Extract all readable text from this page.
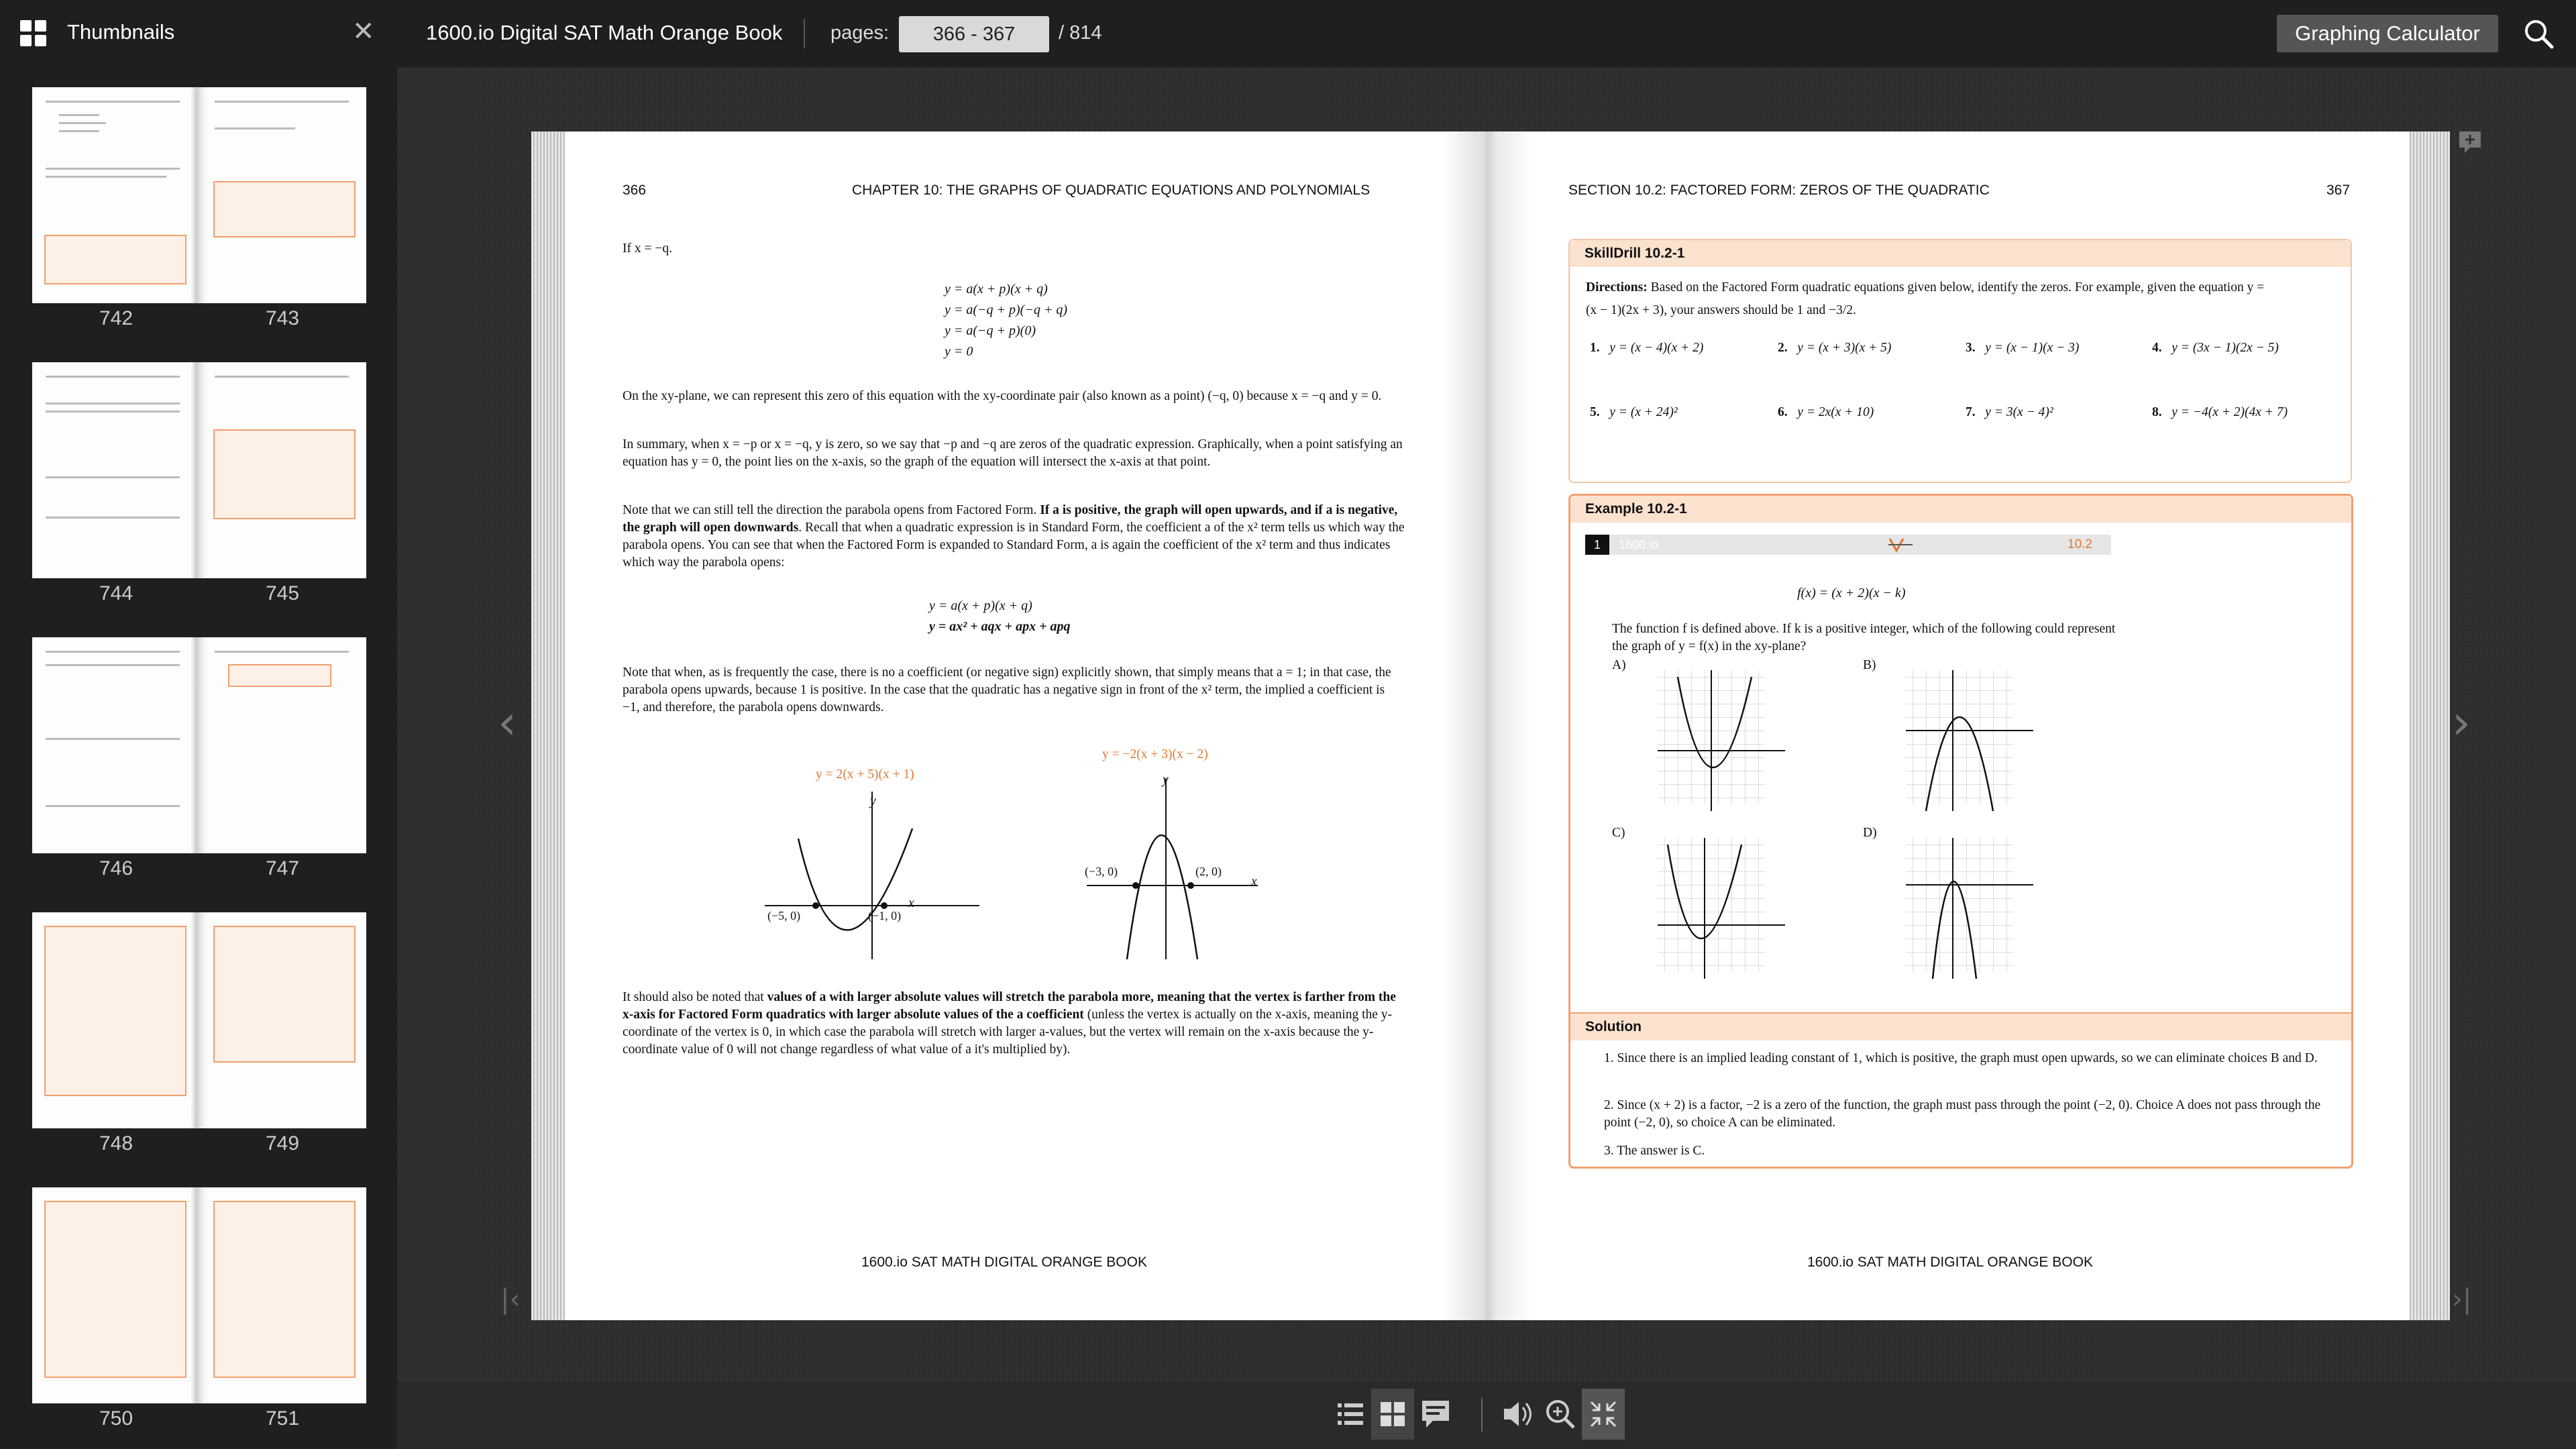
Thumbnails	✕ 1600.io Digital SAT Math Orange Book pages:
366 - 367	/ 814	Graphing Calculator
742	743
744	745
746	747
748	749
750	751
366	CHAPTER 10: THE GRAPHS OF QUADRATIC EQUATIONS AND POLYNOMIALS
If x = −q.
y = a(x + p)(x + q)
y = a(−q + p)(−q + q)
y = a(−q + p)(0)
y = 0
On the xy-plane, we can represent this zero of this equation with the xy-coordinate pair (also known as a point) (−q, 0) because x = −q and y = 0.
In summary, when x = −p or x = −q, y is zero, so we say that −p and −q are zeros of the quadratic expression. Graphically, when a point satisfying an equation has y = 0, the point lies on the x-axis, so the graph of the equation will intersect the x-axis at that point.
Note that we can still tell the direction the parabola opens from Factored Form. If a is positive, the graph will open upwards, and if a is negative, the graph will open downwards. Recall that when a quadratic expression is in Standard Form, the coefficient a of the x² term tells us which way the parabola opens. You can see that when the Factored Form is expanded to Standard Form, a is again the coefficient of the x² term and thus indicates which way the parabola opens:
y = a(x + p)(x + q)
y = ax² + aqx + apx + apq
Note that when, as is frequently the case, there is no a coefficient (or negative sign) explicitly shown, that simply means that a = 1; in that case, the parabola opens upwards, because 1 is positive. In the case that the quadratic has a negative sign in front of the x² term, the implied a coefficient is −1, and therefore, the parabola opens downwards.
y = 2(x + 5)(x + 1)
y
x
(−5, 0)	(−1, 0)
y = −2(x + 3)(x − 2)
y
x
(−3, 0)	(2, 0)
It should also be noted that values of a with larger absolute values will stretch the parabola more, meaning that the vertex is farther from the x-axis for Factored Form quadratics with larger absolute values of the a coefficient (unless the vertex is actually on the x-axis, meaning the y-coordinate of the vertex is 0, in which case the parabola will stretch with larger a-values, but the vertex will remain on the x-axis because the y-coordinate value of 0 will not change regardless of what value of a it's multiplied by).
1600.io SAT MATH DIGITAL ORANGE BOOK
SECTION 10.2: FACTORED FORM: ZEROS OF THE QUADRATIC	367
SkillDrill 10.2-1
Directions: Based on the Factored Form quadratic equations given below, identify the zeros. For example, given the equation y = (x − 1)(2x + 3), your answers should be 1 and −3/2.
1. y = (x − 4)(x + 2)	2. y = (x + 3)(x + 5)	3. y = (x − 1)(x − 3)	4. y = (3x − 1)(2x − 5)
5. y = (x + 24)²	6. y = 2x(x + 10)	7. y = 3(x − 4)²	8. y = −4(x + 2)(4x + 7)
Example 10.2-1
1	1600.io	10.2
f(x) = (x + 2)(x − k)
The function f is defined above. If k is a positive integer, which of the following could represent the graph of y = f(x) in the xy-plane?
A)	B)
C)	D)
Solution
1. Since there is an implied leading constant of 1, which is positive, the graph must open upwards, so we can eliminate choices B and D.
2. Since (x + 2) is a factor, −2 is a zero of the function, the graph must pass through the point (−2, 0). Choice A does not pass through the point (−2, 0), so choice A can be eliminated.
3. The answer is C.
1600.io SAT MATH DIGITAL ORANGE BOOK
‹	›
|‹	›|
